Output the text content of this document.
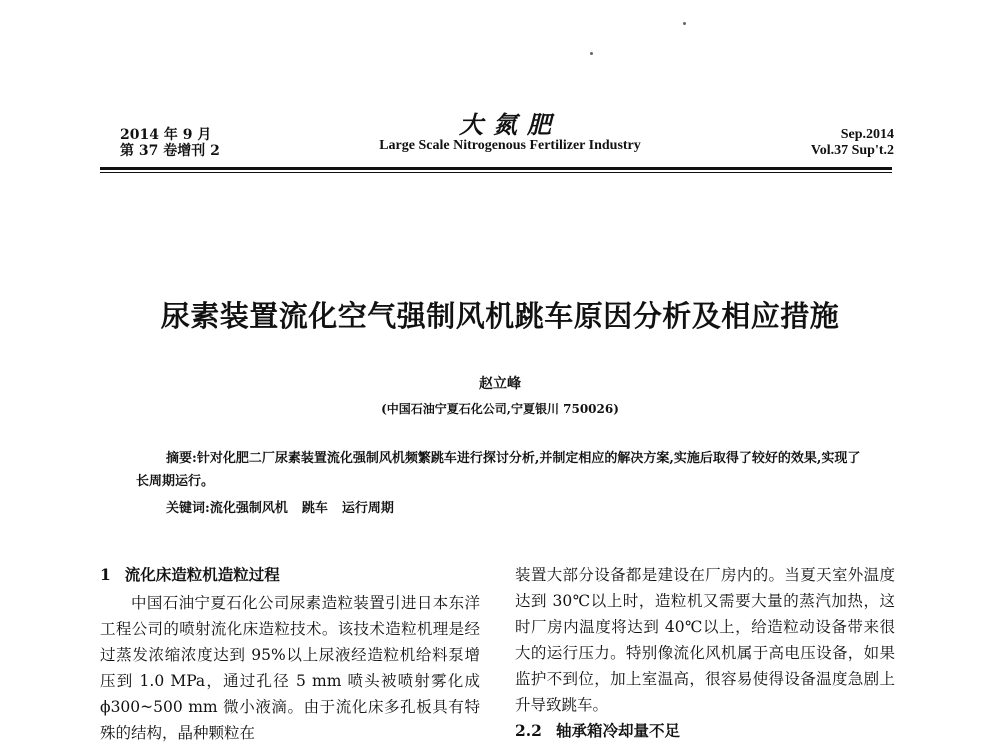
2014 年 9 月
第 37 卷增刊 2
大氮肥
Large Scale Nitrogenous Fertilizer Industry
Sep.2014
Vol.37 Sup't.2
尿素装置流化空气强制风机跳车原因分析及相应措施
赵立峰
(中国石油宁夏石化公司,宁夏银川 750026)
摘要:针对化肥二厂尿素装置流化强制风机频繁跳车进行探讨分析,并制定相应的解决方案,实施后取得了较好的效果,实现了长周期运行。
关键词:流化强制风机 跳车 运行周期
1 流化床造粒机造粒过程

中国石油宁夏石化公司尿素造粒装置引进日本东洋工程公司的喷射流化床造粒技术。该技术造粒机理是经过蒸发浓缩浓度达到 95%以上尿液经造粒机给料泵增压到 1.0 MPa，通过孔径 5 mm 喷头被喷射雾化成 ϕ300~500 mm 微小液滴。由于流化床多孔板具有特殊的结构，晶种颗粒在

装置大部分设备都是建设在厂房内的。当夏天室外温度达到 30℃以上时，造粒机又需要大量的蒸汽加热，这时厂房内温度将达到 40℃以上，给造粒动设备带来很大的运行压力。特别像流化风机属于高电压设备，如果监护不到位，加上室温高，很容易使得设备温度急剧上升导致跳车。

2.2 轴承箱冷却量不足
